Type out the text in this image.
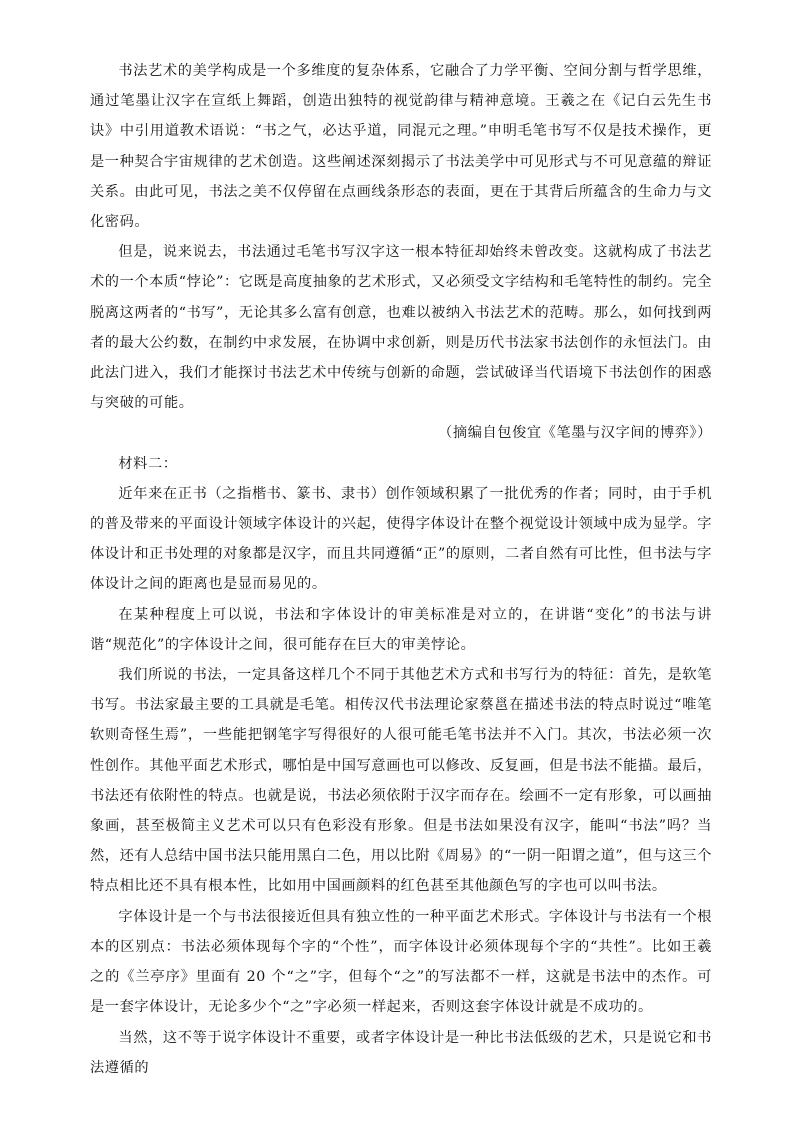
书法艺术的美学构成是一个多维度的复杂体系，它融合了力学平衡、空间分割与哲学思维，通过笔墨让汉字在宣纸上舞蹈，创造出独特的视觉韵律与精神意境。王羲之在《记白云先生书诀》中引用道教术语说：“书之气，必达乎道，同混元之理。”申明毛笔书写不仅是技术操作，更是一种契合宇宙规律的艺术创造。这些阐述深刻揭示了书法美学中可见形式与不可见意蕴的辩证关系。由此可见，书法之美不仅停留在点画线条形态的表面，更在于其背后所蕴含的生命力与文化密码。

但是，说来说去，书法通过毛笔书写汉字这一根本特征却始终未曾改变。这就构成了书法艺术的一个本质“悖论”：它既是高度抽象的艺术形式，又必须受文字结构和毛笔特性的制约。完全脱离这两者的“书写”，无论其多么富有创意，也难以被纳入书法艺术的范畴。那么，如何找到两者的最大公约数，在制约中求发展，在协调中求创新，则是历代书法家书法创作的永恒法门。由此法门进入，我们才能探讨书法艺术中传统与创新的命题，尝试破译当代语境下书法创作的困惑与突破的可能。

（摘编自包俊宜《笔墨与汉字间的博弈》）

材料二：

近年来在正书（之指楷书、篆书、隶书）创作领域积累了一批优秀的作者；同时，由于手机的普及带来的平面设计领域字体设计的兴起，使得字体设计在整个视觉设计领域中成为显学。字体设计和正书处理的对象都是汉字，而且共同遵循“正”的原则，二者自然有可比性，但书法与字体设计之间的距离也是显而易见的。

在某种程度上可以说，书法和字体设计的审美标准是对立的，在讲谐“变化”的书法与讲谐“规范化”的字体设计之间，很可能存在巨大的审美悖论。

我们所说的书法，一定具备这样几个不同于其他艺术方式和书写行为的特征：首先，是软笔书写。书法家最主要的工具就是毛笔。相传汉代书法理论家蔡邕在描述书法的特点时说过“唯笔软则奇怪生焉”，一些能把钢笔字写得很好的人很可能毛笔书法并不入门。其次，书法必须一次性创作。其他平面艺术形式，哪怕是中国写意画也可以修改、反复画，但是书法不能描。最后，书法还有依附性的特点。也就是说，书法必须依附于汉字而存在。绘画不一定有形象，可以画抽象画，甚至极简主义艺术可以只有色彩没有形象。但是书法如果没有汉字，能叫“书法”吗？当然，还有人总结中国书法只能用黑白二色，用以比附《周易》的“一阴一阳谓之道”，但与这三个特点相比还不具有根本性，比如用中国画颜料的红色甚至其他颜色写的字也可以叫书法。

字体设计是一个与书法很接近但具有独立性的一种平面艺术形式。字体设计与书法有一个根本的区别点：书法必须体现每个字的“个性”，而字体设计必须体现每个字的“共性”。比如王羲之的《兰亭序》里面有 20 个“之”字，但每个“之”的写法都不一样，这就是书法中的杰作。可是一套字体设计，无论多少个“之”字必须一样起来，否则这套字体设计就是不成功的。

当然，这不等于说字体设计不重要，或者字体设计是一种比书法低级的艺术，只是说它和书法遵循的
